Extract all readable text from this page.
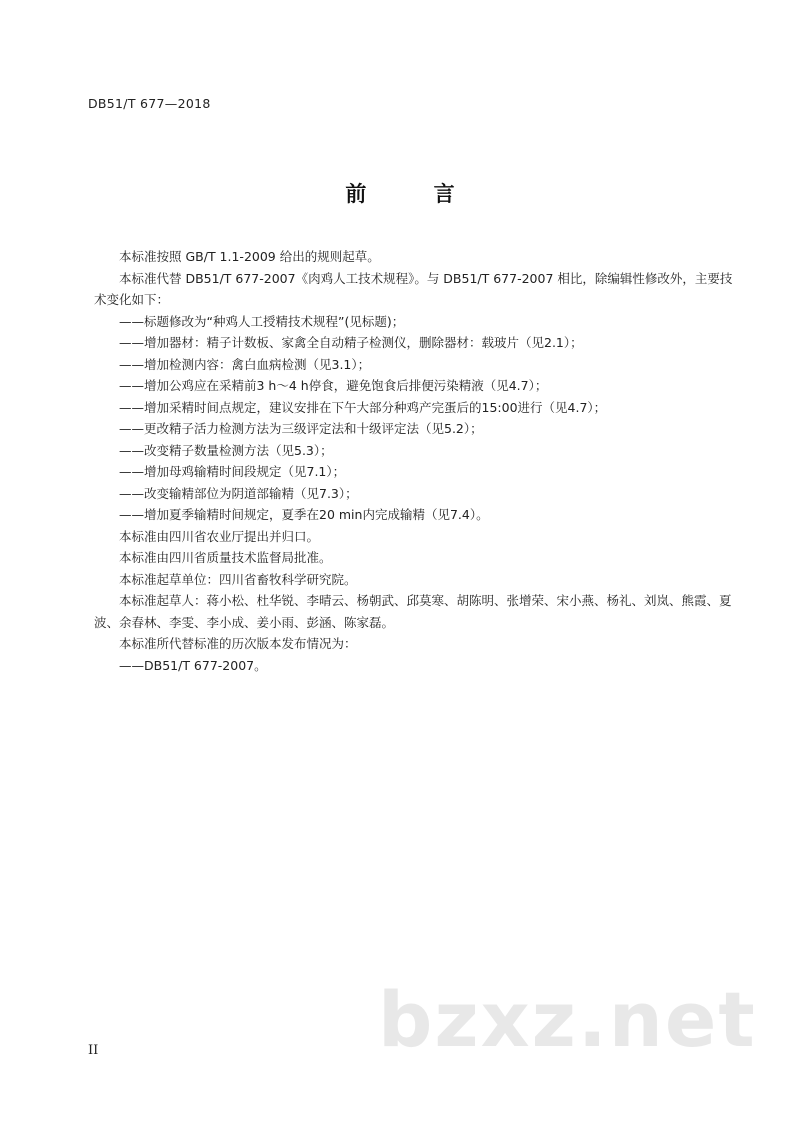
DB51/T 677—2018
前 言

本标准按照 GB/T 1.1-2009 给出的规则起草。

本标准代替 DB51/T 677-2007《肉鸡人工技术规程》。与 DB51/T 677-2007 相比，除编辑性修改外，主要技术变化如下：

——标题修改为“种鸡人工授精技术规程”(见标题)；

——增加器材：精子计数板、家禽全自动精子检测仪，删除器材：载玻片（见2.1）；

——增加检测内容：禽白血病检测（见3.1）；

——增加公鸡应在采精前3 h～4 h停食，避免饱食后排便污染精液（见4.7）；

——增加采精时间点规定，建议安排在下午大部分种鸡产完蛋后的15:00进行（见4.7）；

——更改精子活力检测方法为三级评定法和十级评定法（见5.2）；

——改变精子数量检测方法（见5.3）；

——增加母鸡输精时间段规定（见7.1）；

——改变输精部位为阴道部输精（见7.3）；

——增加夏季输精时间规定，夏季在20 min内完成输精（见7.4）。

本标准由四川省农业厅提出并归口。

本标准由四川省质量技术监督局批准。

本标准起草单位：四川省畜牧科学研究院。

本标准起草人：蒋小松、杜华锐、李晴云、杨朝武、邱莫寒、胡陈明、张增荣、宋小燕、杨礼、刘岚、熊霞、夏波、余春林、李雯、李小成、姜小雨、彭涵、陈家磊。

本标准所代替标准的历次版本发布情况为：

——DB51/T 677-2007。

bzxz.net
II
